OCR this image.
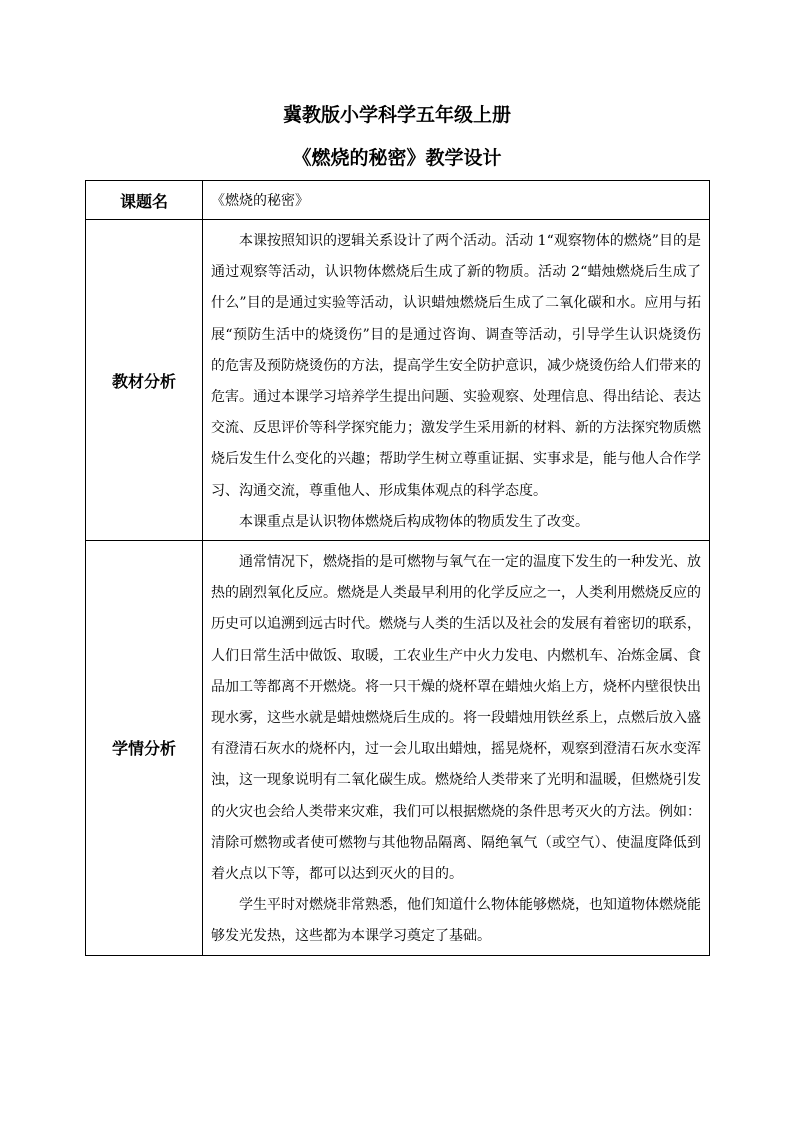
冀教版小学科学五年级上册
《燃烧的秘密》教学设计
课题名	《燃烧的秘密》
教材分析	本课按照知识的逻辑关系设计了两个活动。活动 1“观察物体的燃烧”目的是通过观察等活动，认识物体燃烧后生成了新的物质。活动 2“蜡烛燃烧后生成了什么”目的是通过实验等活动，认识蜡烛燃烧后生成了二氧化碳和水。应用与拓展“预防生活中的烧烫伤”目的是通过咨询、调查等活动，引导学生认识烧烫伤的危害及预防烧烫伤的方法，提高学生安全防护意识，减少烧烫伤给人们带来的危害。通过本课学习培养学生提出问题、实验观察、处理信息、得出结论、表达交流、反思评价等科学探究能力；激发学生采用新的材料、新的方法探究物质燃烧后发生什么变化的兴趣；帮助学生树立尊重证据、实事求是，能与他人合作学习、沟通交流，尊重他人、形成集体观点的科学态度。

本课重点是认识物体燃烧后构成物体的物质发生了改变。

学情分析	通常情况下，燃烧指的是可燃物与氧气在一定的温度下发生的一种发光、放热的剧烈氧化反应。燃烧是人类最早利用的化学反应之一，人类利用燃烧反应的历史可以追溯到远古时代。燃烧与人类的生活以及社会的发展有着密切的联系，人们日常生活中做饭、取暖，工农业生产中火力发电、内燃机车、冶炼金属、食品加工等都离不开燃烧。将一只干燥的烧杯罩在蜡烛火焰上方，烧杯内壁很快出现水雾，这些水就是蜡烛燃烧后生成的。将一段蜡烛用铁丝系上，点燃后放入盛有澄清石灰水的烧杯内，过一会儿取出蜡烛，摇晃烧杯，观察到澄清石灰水变浑浊，这一现象说明有二氧化碳生成。燃烧给人类带来了光明和温暖，但燃烧引发的火灾也会给人类带来灾难，我们可以根据燃烧的条件思考灭火的方法。例如：清除可燃物或者使可燃物与其他物品隔离、隔绝氧气（或空气）、使温度降低到着火点以下等，都可以达到灭火的目的。

学生平时对燃烧非常熟悉，他们知道什么物体能够燃烧，也知道物体燃烧能够发光发热，这些都为本课学习奠定了基础。
